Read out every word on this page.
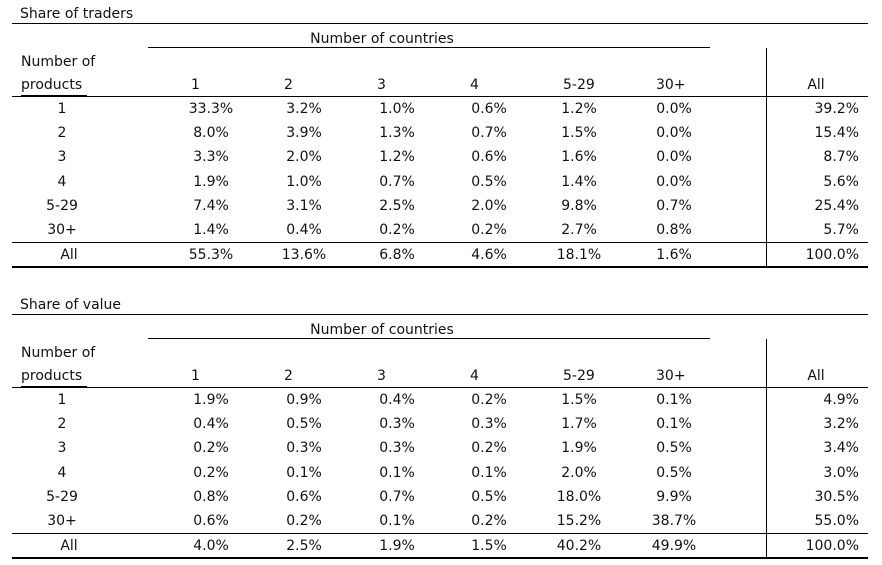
Share of traders
Number of countries
Number of
products	1	2	3	4	5-29	30+	All
1	33.3%	3.2%	1.0%	0.6%	1.2%	0.0%	39.2%
2	8.0%	3.9%	1.3%	0.7%	1.5%	0.0%	15.4%
3	3.3%	2.0%	1.2%	0.6%	1.6%	0.0%	8.7%
4	1.9%	1.0%	0.7%	0.5%	1.4%	0.0%	5.6%
5-29	7.4%	3.1%	2.5%	2.0%	9.8%	0.7%	25.4%
30+	1.4%	0.4%	0.2%	0.2%	2.7%	0.8%	5.7%
All	55.3%	13.6%	6.8%	4.6%	18.1%	1.6%	100.0%
Share of value
Number of countries
Number of
products	1	2	3	4	5-29	30+	All
1	1.9%	0.9%	0.4%	0.2%	1.5%	0.1%	4.9%
2	0.4%	0.5%	0.3%	0.3%	1.7%	0.1%	3.2%
3	0.2%	0.3%	0.3%	0.2%	1.9%	0.5%	3.4%
4	0.2%	0.1%	0.1%	0.1%	2.0%	0.5%	3.0%
5-29	0.8%	0.6%	0.7%	0.5%	18.0%	9.9%	30.5%
30+	0.6%	0.2%	0.1%	0.2%	15.2%	38.7%	55.0%
All	4.0%	2.5%	1.9%	1.5%	40.2%	49.9%	100.0%
